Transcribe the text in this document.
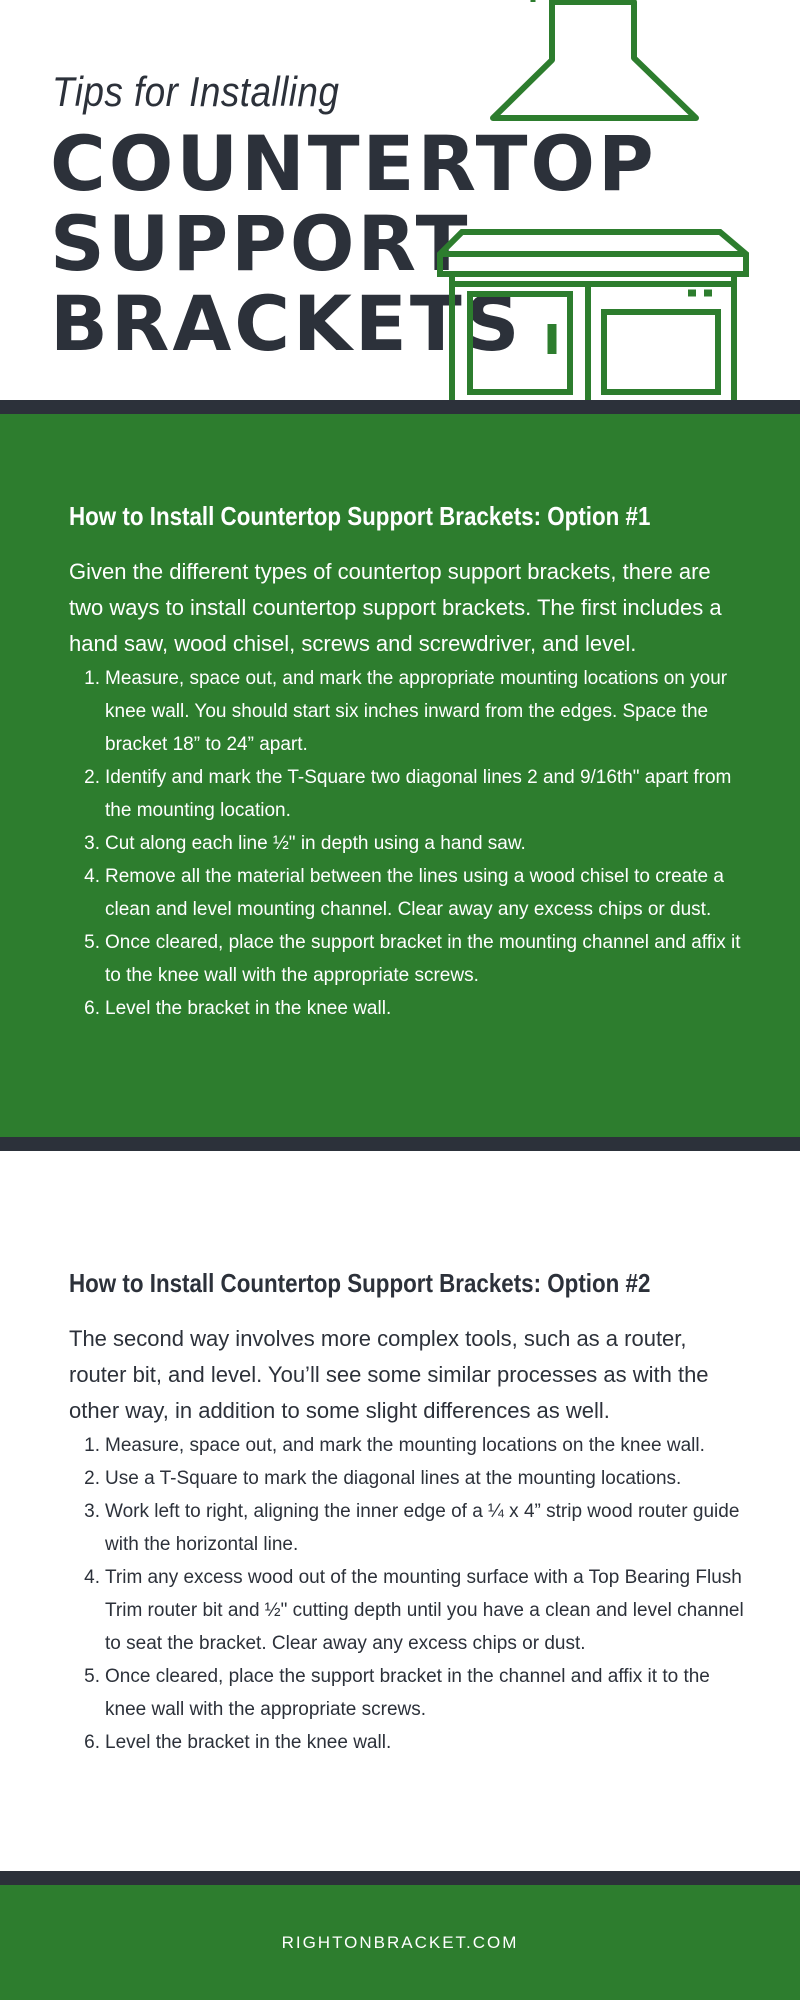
Tips for Installing
COUNTERTOP
SUPPORT
BRACKETS
How to Install Countertop Support Brackets: Option #1
Given the different types of countertop support brackets, there are two ways to install countertop support brackets. The first includes a hand saw, wood chisel, screws and screwdriver, and level.
1. Measure, space out, and mark the appropriate mounting locations on your knee wall. You should start six inches inward from the edges. Space the bracket 18” to 24” apart.
2. Identify and mark the T-Square two diagonal lines 2 and 9/16th" apart from the mounting location.
3. Cut along each line ½" in depth using a hand saw.
4. Remove all the material between the lines using a wood chisel to create a clean and level mounting channel. Clear away any excess chips or dust.
5. Once cleared, place the support bracket in the mounting channel and affix it to the knee wall with the appropriate screws.
6. Level the bracket in the knee wall.
How to Install Countertop Support Brackets: Option #2
The second way involves more complex tools, such as a router, router bit, and level. You’ll see some similar processes as with the other way, in addition to some slight differences as well.
1. Measure, space out, and mark the mounting locations on the knee wall.
2. Use a T-Square to mark the diagonal lines at the mounting locations.
3. Work left to right, aligning the inner edge of a ¼ x 4” strip wood router guide with the horizontal line.
4. Trim any excess wood out of the mounting surface with a Top Bearing Flush Trim router bit and ½" cutting depth until you have a clean and level channel to seat the bracket. Clear away any excess chips or dust.
5. Once cleared, place the support bracket in the channel and affix it to the knee wall with the appropriate screws.
6. Level the bracket in the knee wall.
RIGHTONBRACKET.COM
